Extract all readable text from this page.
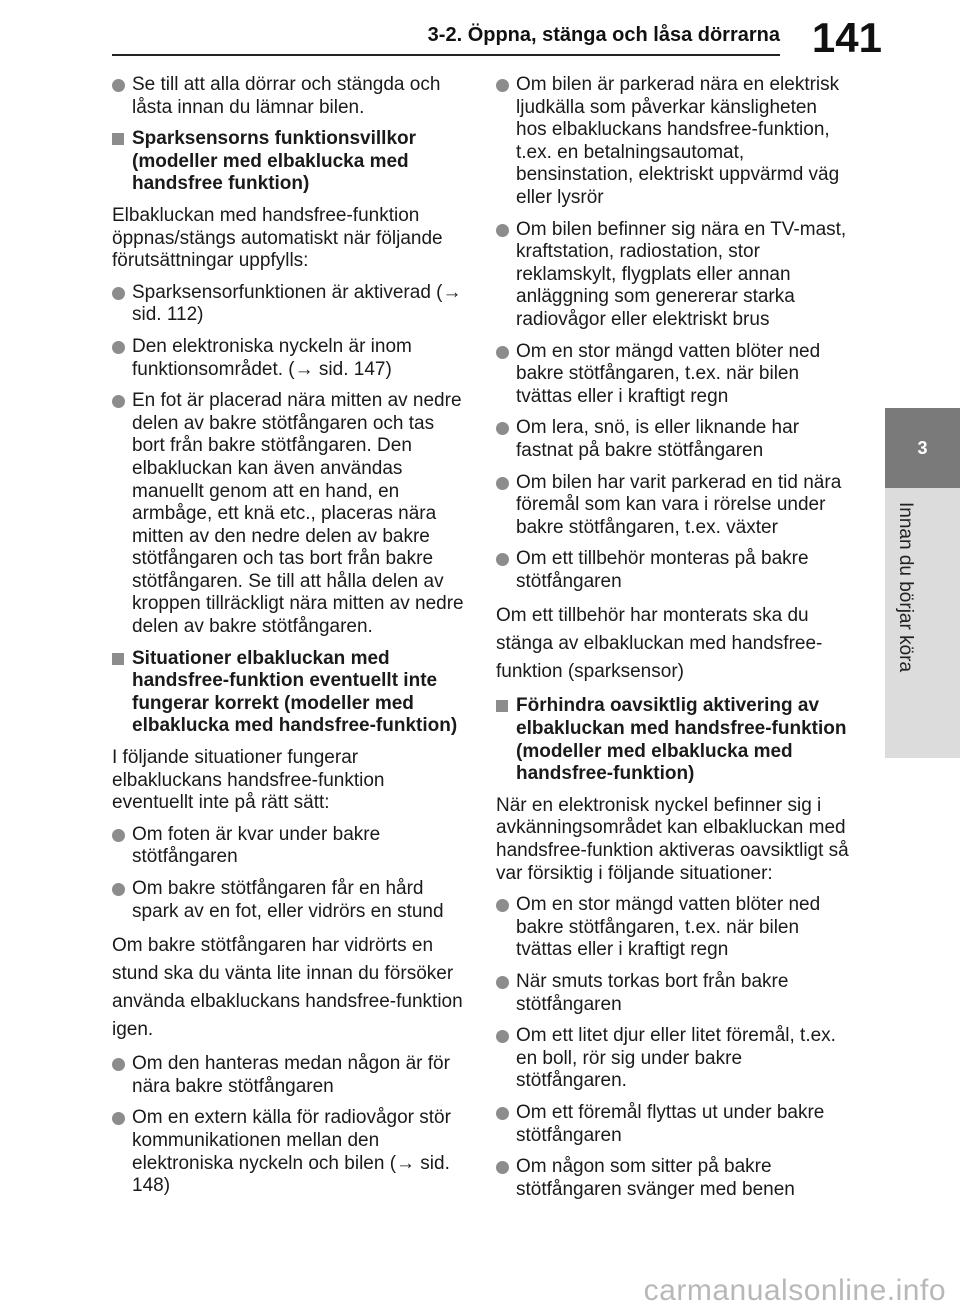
3-2. Öppna, stänga och låsa dörrarna 141
3
Innan du börjar köra
Se till att alla dörrar och stängda och låsta innan du lämnar bilen.
Sparksensorns funktionsvillkor (modeller med elbaklucka med handsfree funktion)
Elbakluckan med handsfree-funktion öppnas/stängs automatiskt när följande förutsättningar uppfylls:
Sparksensorfunktionen är aktiverad (→ sid. 112)
Den elektroniska nyckeln är inom funktionsområdet. (→ sid. 147)
En fot är placerad nära mitten av nedre delen av bakre stötfångaren och tas bort från bakre stötfångaren. Den elbakluckan kan även användas manuellt genom att en hand, en armbåge, ett knä etc., placeras nära mitten av den nedre delen av bakre stötfångaren och tas bort från bakre stötfångaren. Se till att hålla delen av kroppen tillräckligt nära mitten av nedre delen av bakre stötfångaren.
Situationer elbakluckan med handsfree-funktion eventuellt inte fungerar korrekt (modeller med elbaklucka med handsfree-funktion)
I följande situationer fungerar elbakluckans handsfree-funktion eventuellt inte på rätt sätt:
Om foten är kvar under bakre stötfångaren
Om bakre stötfångaren får en hård spark av en fot, eller vidrörs en stund
Om bakre stötfångaren har vidrörts en stund ska du vänta lite innan du försöker använda elbakluckans handsfree-funktion igen.
Om den hanteras medan någon är för nära bakre stötfångaren
Om en extern källa för radiovågor stör kommunikationen mellan den elektroniska nyckeln och bilen (→ sid. 148)
Om bilen är parkerad nära en elektrisk ljudkälla som påverkar känsligheten hos elbakluckans handsfree-funktion, t.ex. en betalningsautomat, bensinstation, elektriskt uppvärmd väg eller lysrör
Om bilen befinner sig nära en TV-mast, kraftstation, radiostation, stor reklamskylt, flygplats eller annan anläggning som genererar starka radiovågor eller elektriskt brus
Om en stor mängd vatten blöter ned bakre stötfångaren, t.ex. när bilen tvättas eller i kraftigt regn
Om lera, snö, is eller liknande har fastnat på bakre stötfångaren
Om bilen har varit parkerad en tid nära föremål som kan vara i rörelse under bakre stötfångaren, t.ex. växter
Om ett tillbehör monteras på bakre stötfångaren
Om ett tillbehör har monterats ska du stänga av elbakluckan med handsfree-funktion (sparksensor)
Förhindra oavsiktlig aktivering av elbakluckan med handsfree-funktion (modeller med elbaklucka med handsfree-funktion)
När en elektronisk nyckel befinner sig i avkänningsområdet kan elbakluckan med handsfree-funktion aktiveras oavsiktligt så var försiktig i följande situationer:
Om en stor mängd vatten blöter ned bakre stötfångaren, t.ex. när bilen tvättas eller i kraftigt regn
När smuts torkas bort från bakre stötfångaren
Om ett litet djur eller litet föremål, t.ex. en boll, rör sig under bakre stötfångaren.
Om ett föremål flyttas ut under bakre stötfångaren
Om någon som sitter på bakre stötfångaren svänger med benen
carmanualsonline.info
